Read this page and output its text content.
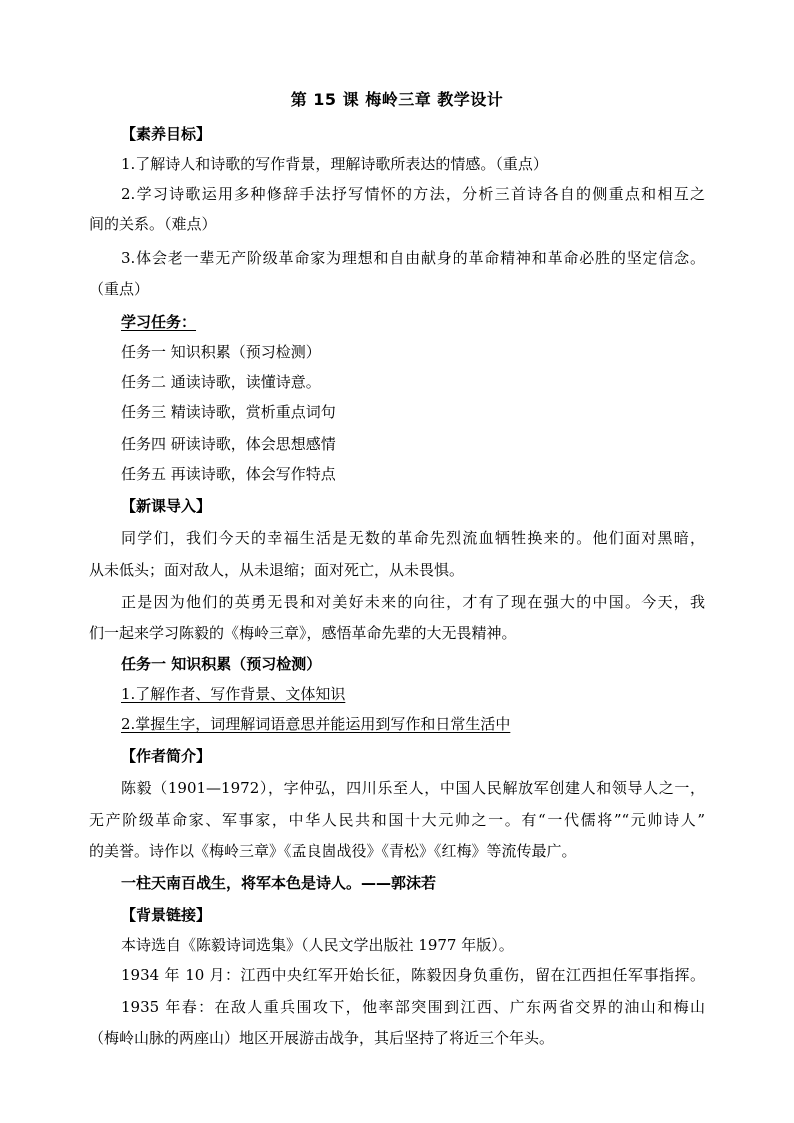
第 15 课 梅岭三章 教学设计
【素养目标】
1.了解诗人和诗歌的写作背景，理解诗歌所表达的情感。（重点）
2.学习诗歌运用多种修辞手法抒写情怀的方法，分析三首诗各自的侧重点和相互之
间的关系。（难点）
3.体会老一辈无产阶级革命家为理想和自由献身的革命精神和革命必胜的坚定信念。
（重点）
学习任务：
任务一 知识积累（预习检测）
任务二 通读诗歌，读懂诗意。
任务三 精读诗歌，赏析重点词句
任务四 研读诗歌，体会思想感情
任务五 再读诗歌，体会写作特点
【新课导入】
同学们，我们今天的幸福生活是无数的革命先烈流血牺牲换来的。他们面对黑暗，
从未低头；面对敌人，从未退缩；面对死亡，从未畏惧。
正是因为他们的英勇无畏和对美好未来的向往，才有了现在强大的中国。今天，我
们一起来学习陈毅的《梅岭三章》，感悟革命先辈的大无畏精神。
任务一 知识积累（预习检测）
1.了解作者、写作背景、文体知识
2.掌握生字，词理解词语意思并能运用到写作和日常生活中
【作者简介】
陈毅（1901—1972），字仲弘，四川乐至人，中国人民解放军创建人和领导人之一，
无产阶级革命家、军事家，中华人民共和国十大元帅之一。有“一代儒将”“元帅诗人”
的美誉。诗作以《梅岭三章》《孟良崮战役》《青松》《红梅》等流传最广。
一柱天南百战生，将军本色是诗人。——郭沫若
【背景链接】
本诗选自《陈毅诗词选集》（人民文学出版社 1977 年版）。
1934 年 10 月：江西中央红军开始长征，陈毅因身负重伤，留在江西担任军事指挥。
1935 年春：在敌人重兵围攻下，他率部突围到江西、广东两省交界的油山和梅山
（梅岭山脉的两座山）地区开展游击战争，其后坚持了将近三个年头。
